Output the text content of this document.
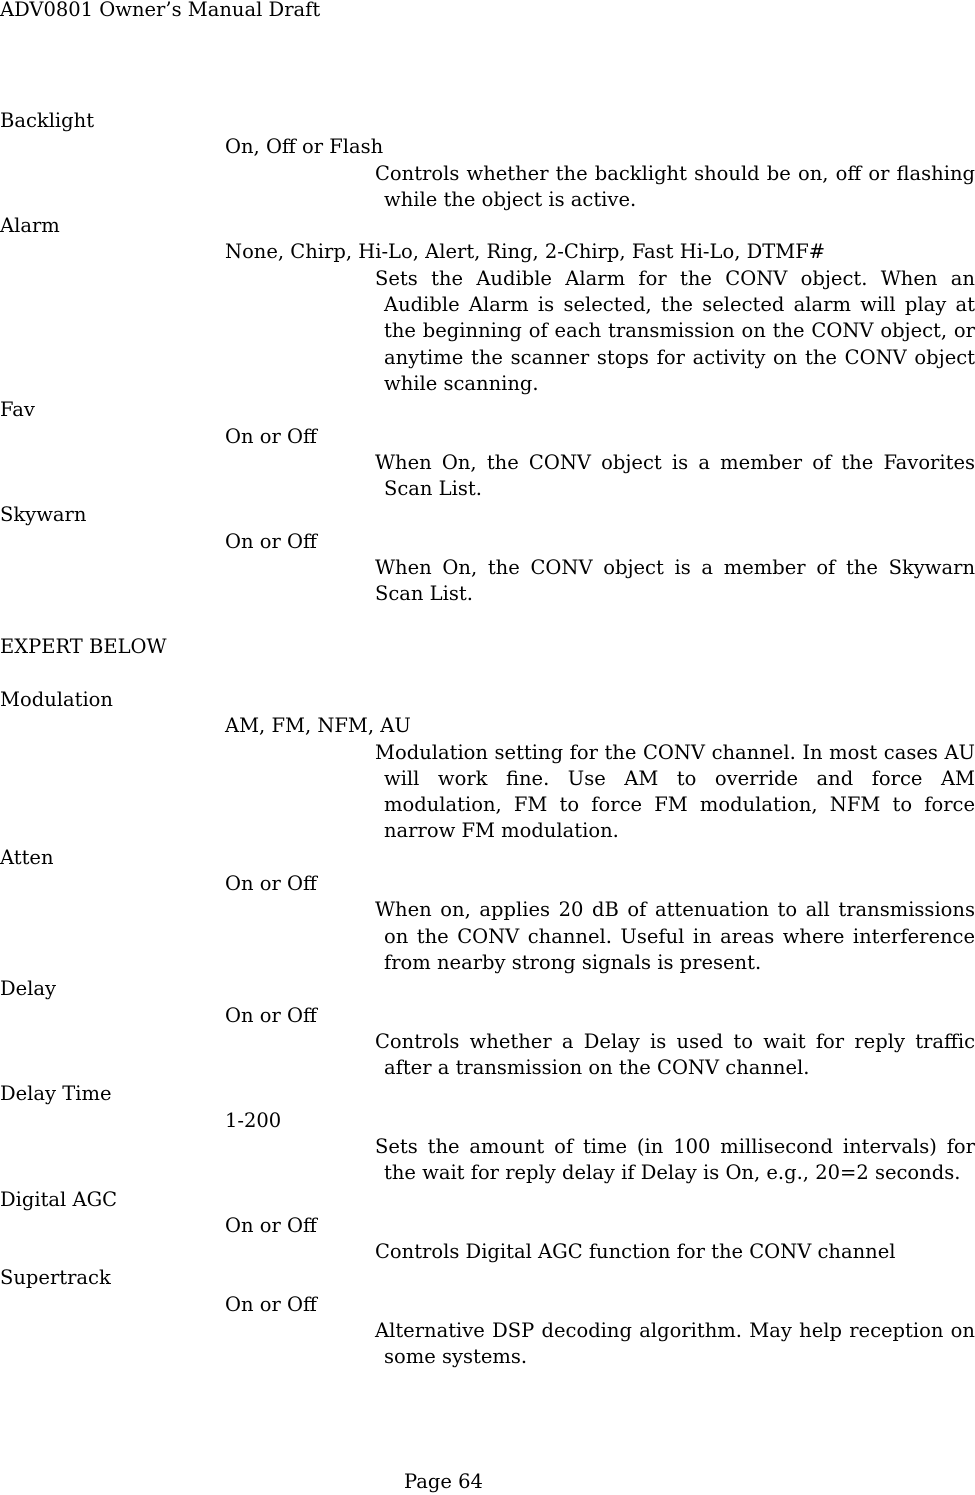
ADV0801 Owner’s Manual Draft
Backlight
On, Off or Flash
Controls whether the backlight should be on, off or flashing while the object is active.
Alarm
None, Chirp, Hi-Lo, Alert, Ring, 2-Chirp, Fast Hi-Lo, DTMF#
Sets the Audible Alarm for the CONV object. When an Audible Alarm is selected, the selected alarm will play at the beginning of each transmission on the CONV object, or anytime the scanner stops for activity on the CONV object while scanning.
Fav
On or Off
When On, the CONV object is a member of the Favorites Scan List.
Skywarn
On or Off
When On, the CONV object is a member of the Skywarn Scan List.
EXPERT BELOW
Modulation
AM, FM, NFM, AU
Modulation setting for the CONV channel. In most cases AU will work fine. Use AM to override and force AM modulation, FM to force FM modulation, NFM to force narrow FM modulation.
Atten
On or Off
When on, applies 20 dB of attenuation to all transmissions on the CONV channel. Useful in areas where interference from nearby strong signals is present.
Delay
On or Off
Controls whether a Delay is used to wait for reply traffic after a transmission on the CONV channel.
Delay Time
1-200
Sets the amount of time (in 100 millisecond intervals) for the wait for reply delay if Delay is On, e.g., 20=2 seconds.
Digital AGC
On or Off
Controls Digital AGC function for the CONV channel
Supertrack
On or Off
Alternative DSP decoding algorithm. May help reception on some systems.
Page 64
